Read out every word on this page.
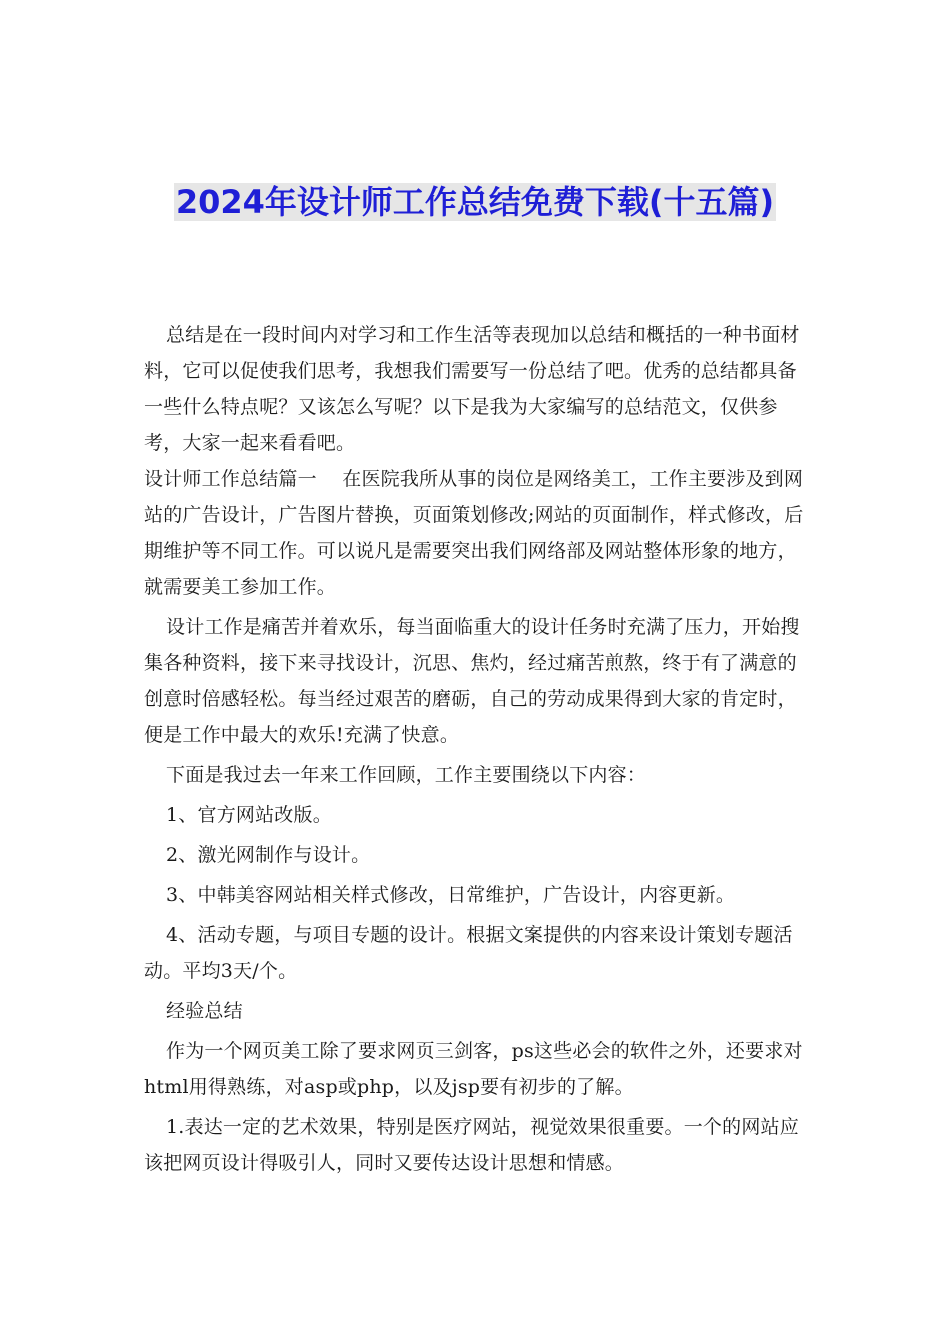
2024年设计师工作总结免费下载(十五篇)

总结是在一段时间内对学习和工作生活等表现加以总结和概括的一种书面材料，它可以促使我们思考，我想我们需要写一份总结了吧。优秀的总结都具备一些什么特点呢？又该怎么写呢？以下是我为大家编写的总结范文，仅供参考，大家一起来看看吧。

设计师工作总结篇一　 在医院我所从事的岗位是网络美工，工作主要涉及到网站的广告设计，广告图片替换，页面策划修改;网站的页面制作，样式修改，后期维护等不同工作。可以说凡是需要突出我们网络部及网站整体形象的地方，就需要美工参加工作。

设计工作是痛苦并着欢乐，每当面临重大的设计任务时充满了压力，开始搜集各种资料，接下来寻找设计，沉思、焦灼，经过痛苦煎熬，终于有了满意的创意时倍感轻松。每当经过艰苦的磨砺，自己的劳动成果得到大家的肯定时，便是工作中最大的欢乐!充满了快意。

下面是我过去一年来工作回顾，工作主要围绕以下内容：

1、官方网站改版。

2、激光网制作与设计。

3、中韩美容网站相关样式修改，日常维护，广告设计，内容更新。

4、活动专题，与项目专题的设计。根据文案提供的内容来设计策划专题活动。平均3天/个。

经验总结

作为一个网页美工除了要求网页三剑客，ps这些必会的软件之外，还要求对html用得熟练，对asp或php，以及jsp要有初步的了解。

1.表达一定的艺术效果，特别是医疗网站，视觉效果很重要。一个的网站应该把网页设计得吸引人，同时又要传达设计思想和情感。
